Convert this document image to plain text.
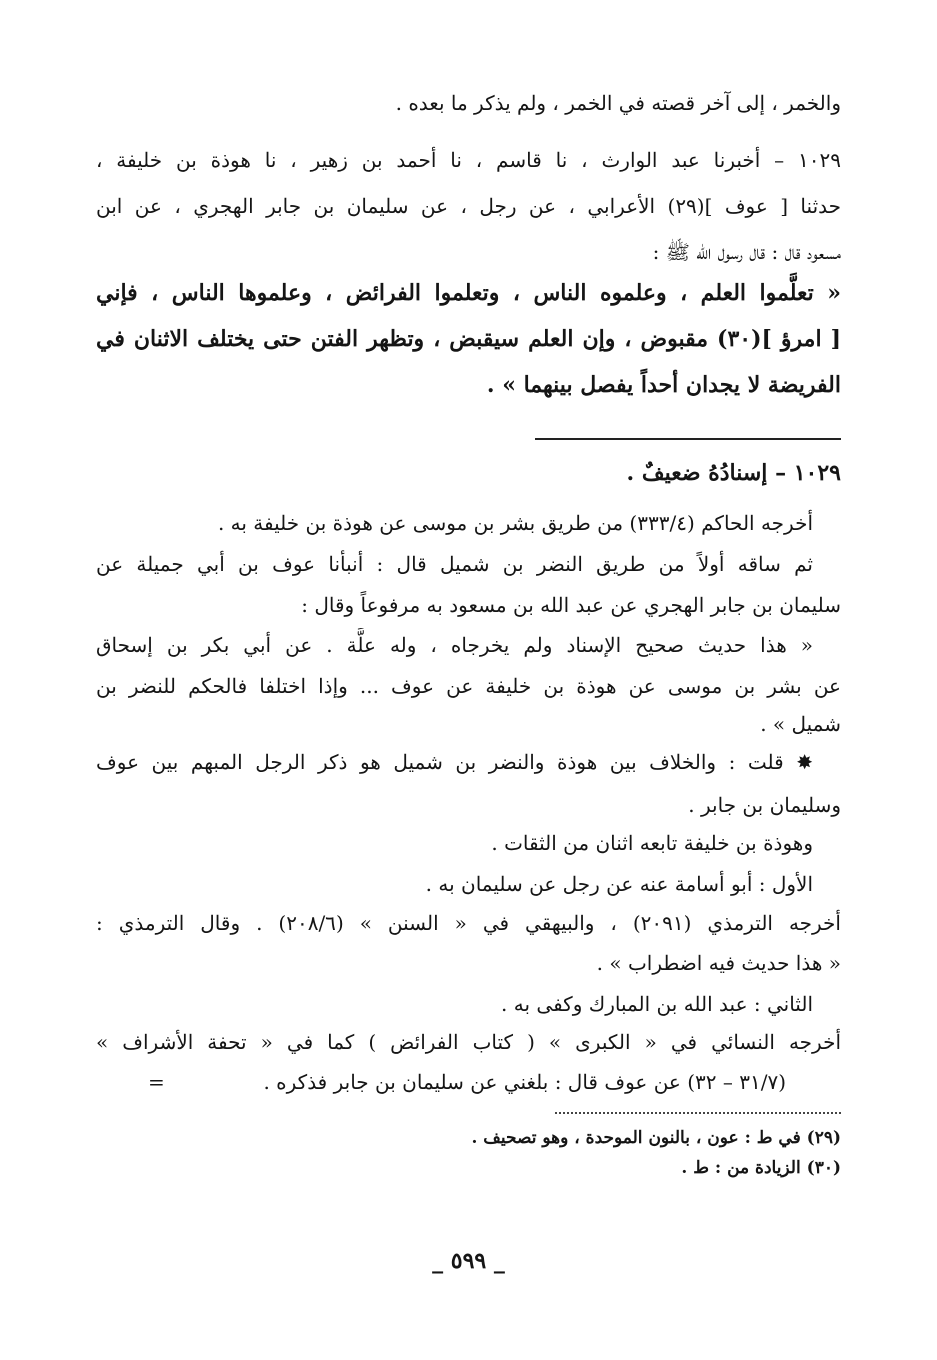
والخمر ، إلى آخر قصته في الخمر ، ولم يذكر ما بعده .
١٠٢٩ – أخبرنا عبد الوارث ، نا قاسم ، نا أحمد بن زهير ، نا هوذة بن خليفة ،
حدثنا [ عوف ](٢٩) الأعرابي ، عن رجل ، عن سليمان بن جابر الهجري ، عن ابن
مسعود قال : قال رسول الله ﷺ :
« تعلَّموا العلم ، وعلموه الناس ، وتعلموا الفرائض ، وعلموها الناس ، فإني
[ امرؤ ](٣٠) مقبوض ، وإن العلم سيقبض ، وتظهر الفتن حتى يختلف الاثنان في
الفريضة لا يجدان أحداً يفصل بينهما » .
١٠٢٩ – إسنادُهُ ضعيفٌ .
أخرجه الحاكم (٣٣٣/٤) من طريق بشر بن موسى عن هوذة بن خليفة به .
ثم ساقه أولاً من طريق النضر بن شميل قال : أنبأنا عوف بن أبي جميلة عن
سليمان بن جابر الهجري عن عبد الله بن مسعود به مرفوعاً وقال :
« هذا حديث صحيح الإسناد ولم يخرجاه ، وله علَّة . عن أبي بكر بن إسحاق
عن بشر بن موسى عن هوذة بن خليفة عن عوف ... وإذا اختلفا فالحكم للنضر بن
شميل » .
✸ قلت : والخلاف بين هوذة والنضر بن شميل هو ذكر الرجل المبهم بين عوف
وسليمان بن جابر .
وهوذة بن خليفة تابعه اثنان من الثقات .
الأول : أبو أسامة عنه عن رجل عن سليمان به .
أخرجه الترمذي (٢٠٩١) ، والبيهقي في « السنن » (٢٠٨/٦) . وقال الترمذي :
« هذا حديث فيه اضطراب » .
الثاني : عبد الله بن المبارك وكفى به .
أخرجه النسائي في « الكبرى » ( كتاب الفرائض ) كما في « تحفة الأشراف »
(٣١/٧ – ٣٢) عن عوف قال : بلغني عن سليمان بن جابر فذكره .
=
(٢٩) في ط : عون ، بالنون الموحدة ، وهو تصحيف .
(٣٠) الزيادة من : ط .
_ ٥٩٩ _
